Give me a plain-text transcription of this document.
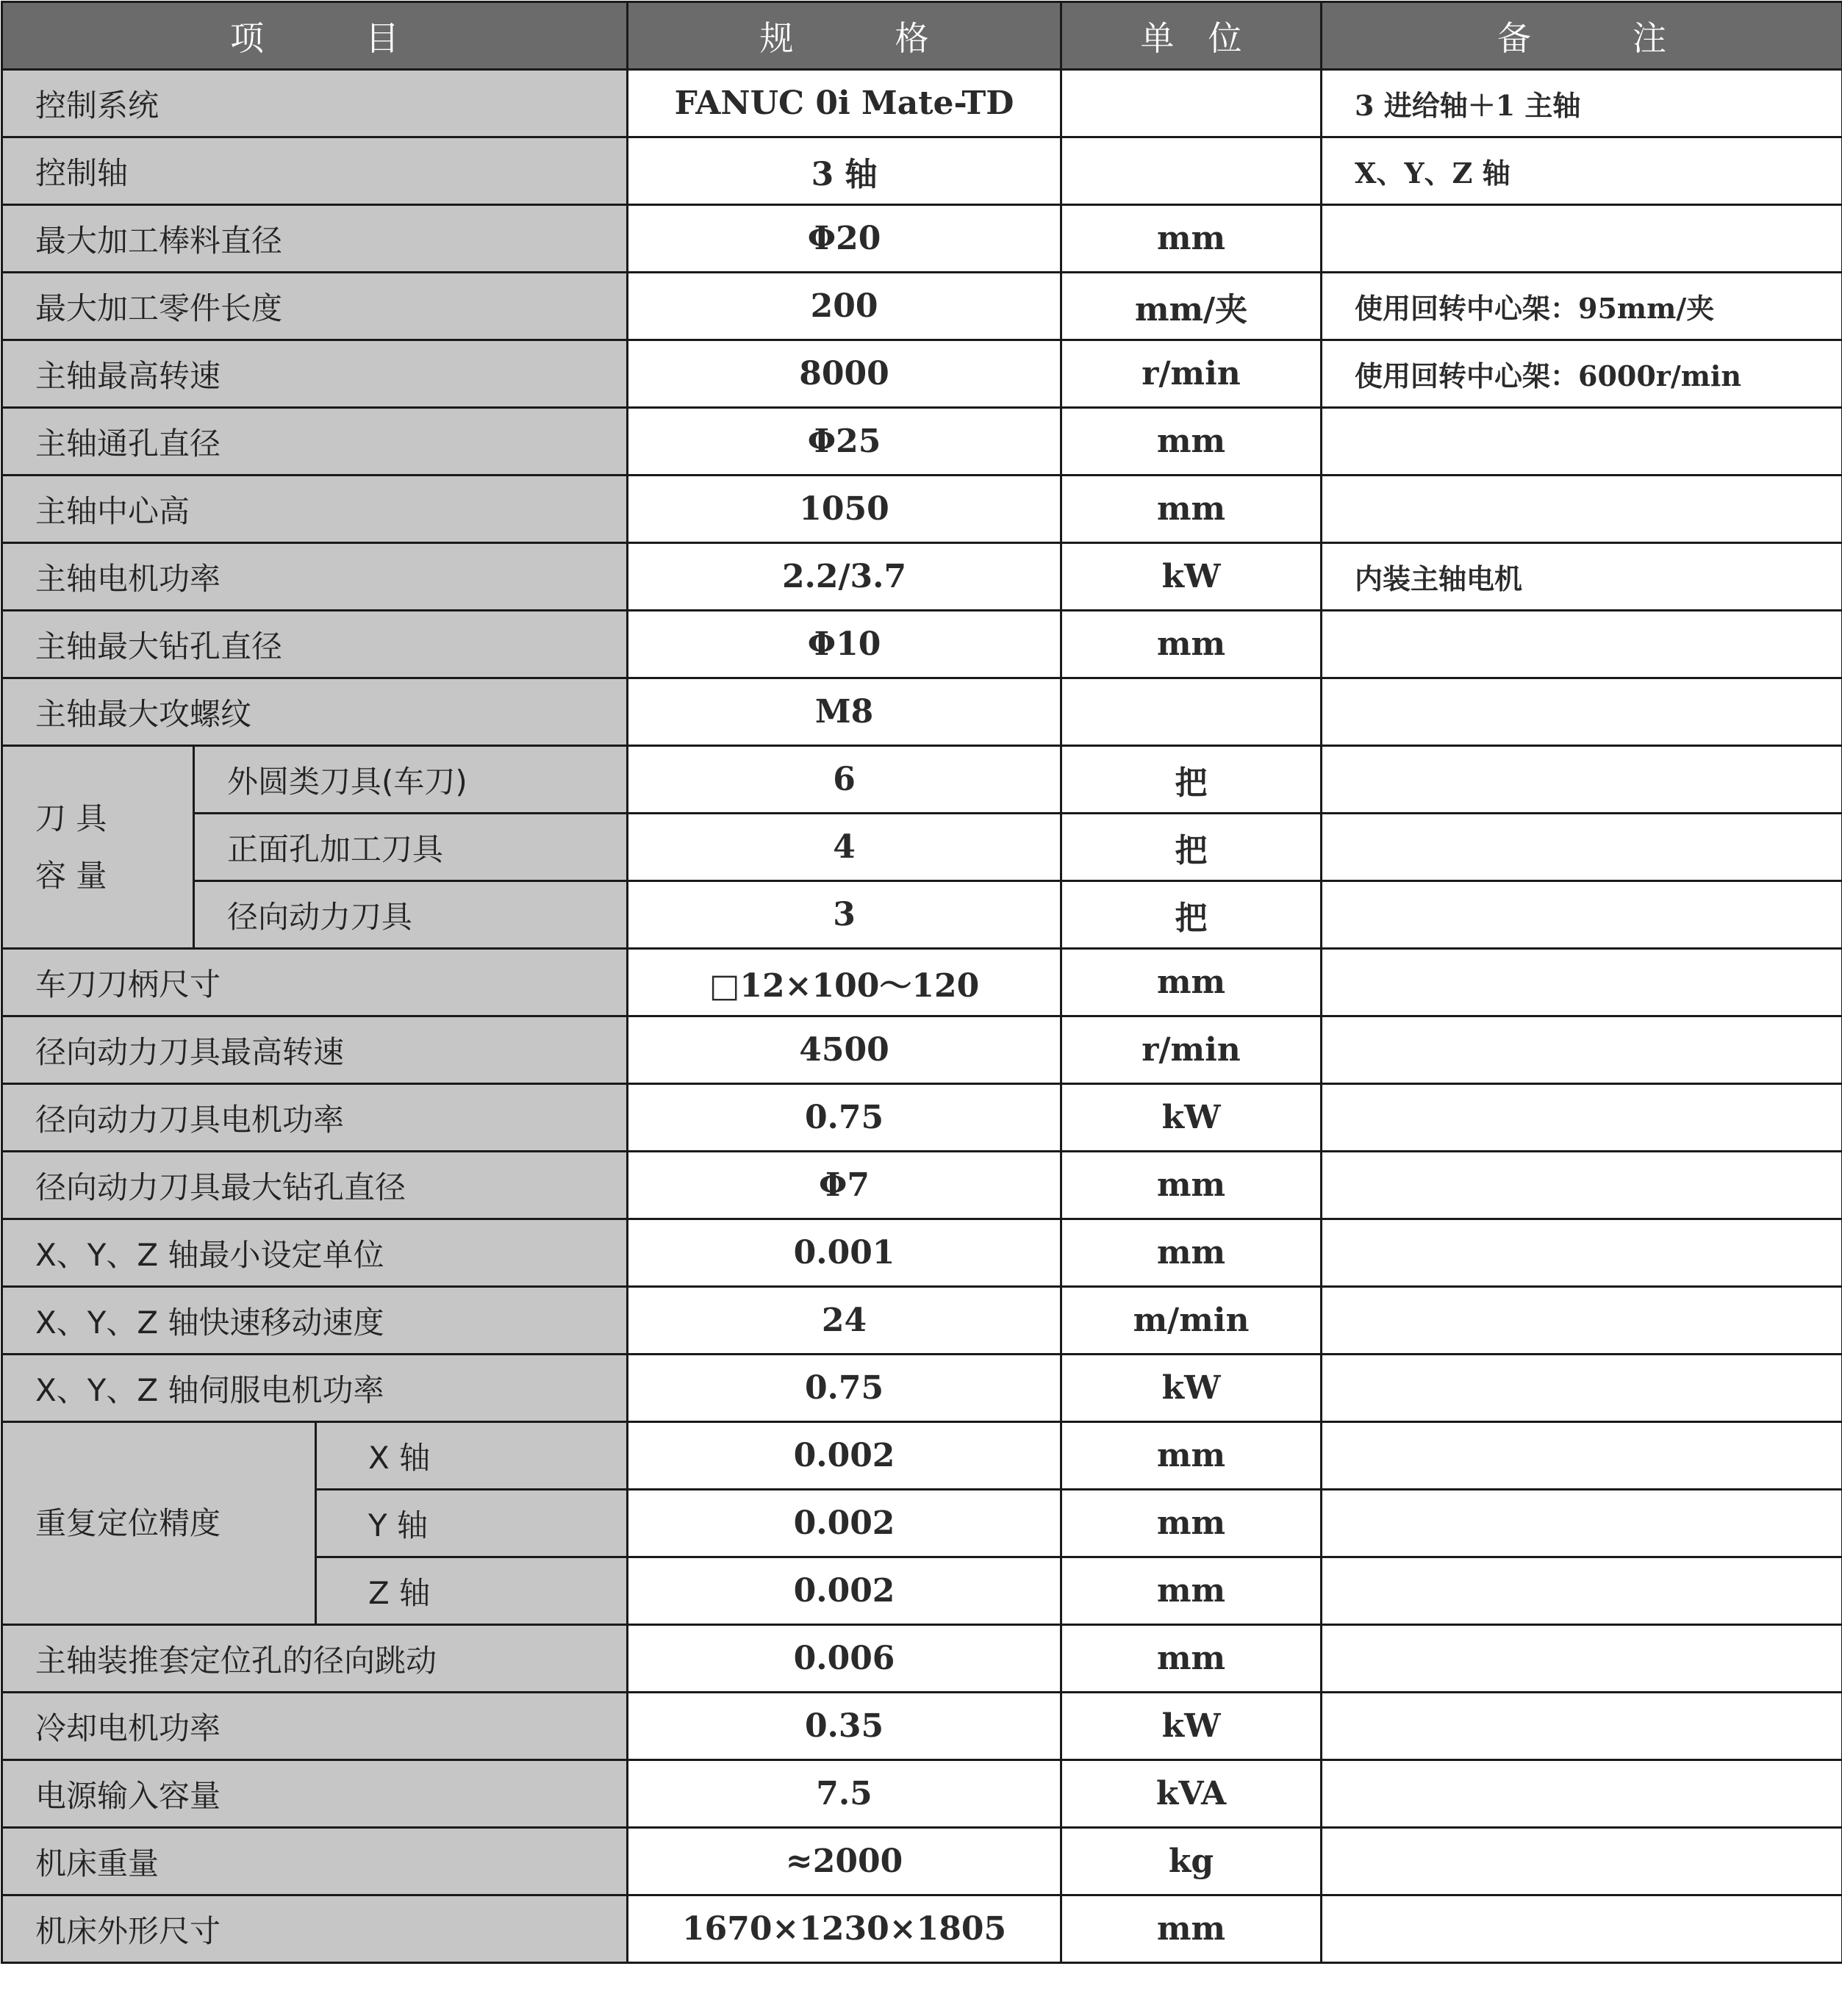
项　　　目			规　　　格	单　位	备　　　注
控制系统			FANUC 0i Mate-TD		3 进给轴＋1 主轴
控制轴			3 轴		X、Y、Z 轴
最大加工棒料直径			Φ20	mm	
最大加工零件长度			200	mm/夹	使用回转中心架：95mm/夹
主轴最高转速			8000	r/min	使用回转中心架：6000r/min
主轴通孔直径			Φ25	mm	
主轴中心高			1050	mm	
主轴电机功率			2.2/3.7	kW	内装主轴电机
主轴最大钻孔直径			Φ10	mm	
主轴最大攻螺纹			M8		

刀 具
容 量	外圆类刀具(车刀)		6	把	
	正面孔加工刀具		4	把	
	径向动力刀具		3	把	
车刀刀柄尺寸			□12×100～120	mm	
径向动力刀具最高转速			4500	r/min	
径向动力刀具电机功率			0.75	kW	
径向动力刀具最大钻孔直径			Φ7	mm	
X、Y、Z 轴最小设定单位			0.001	mm	
X、Y、Z 轴快速移动速度			24	m/min	
X、Y、Z 轴伺服电机功率			0.75	kW	
重复定位精度		X 轴	0.002	mm	
		Y 轴	0.002	mm	
		Z 轴	0.002	mm	
主轴装推套定位孔的径向跳动			0.006	mm	
冷却电机功率			0.35	kW	
电源输入容量			7.5	kVA	
机床重量			≈2000	kg	
机床外形尺寸			1670×1230×1805	mm	
